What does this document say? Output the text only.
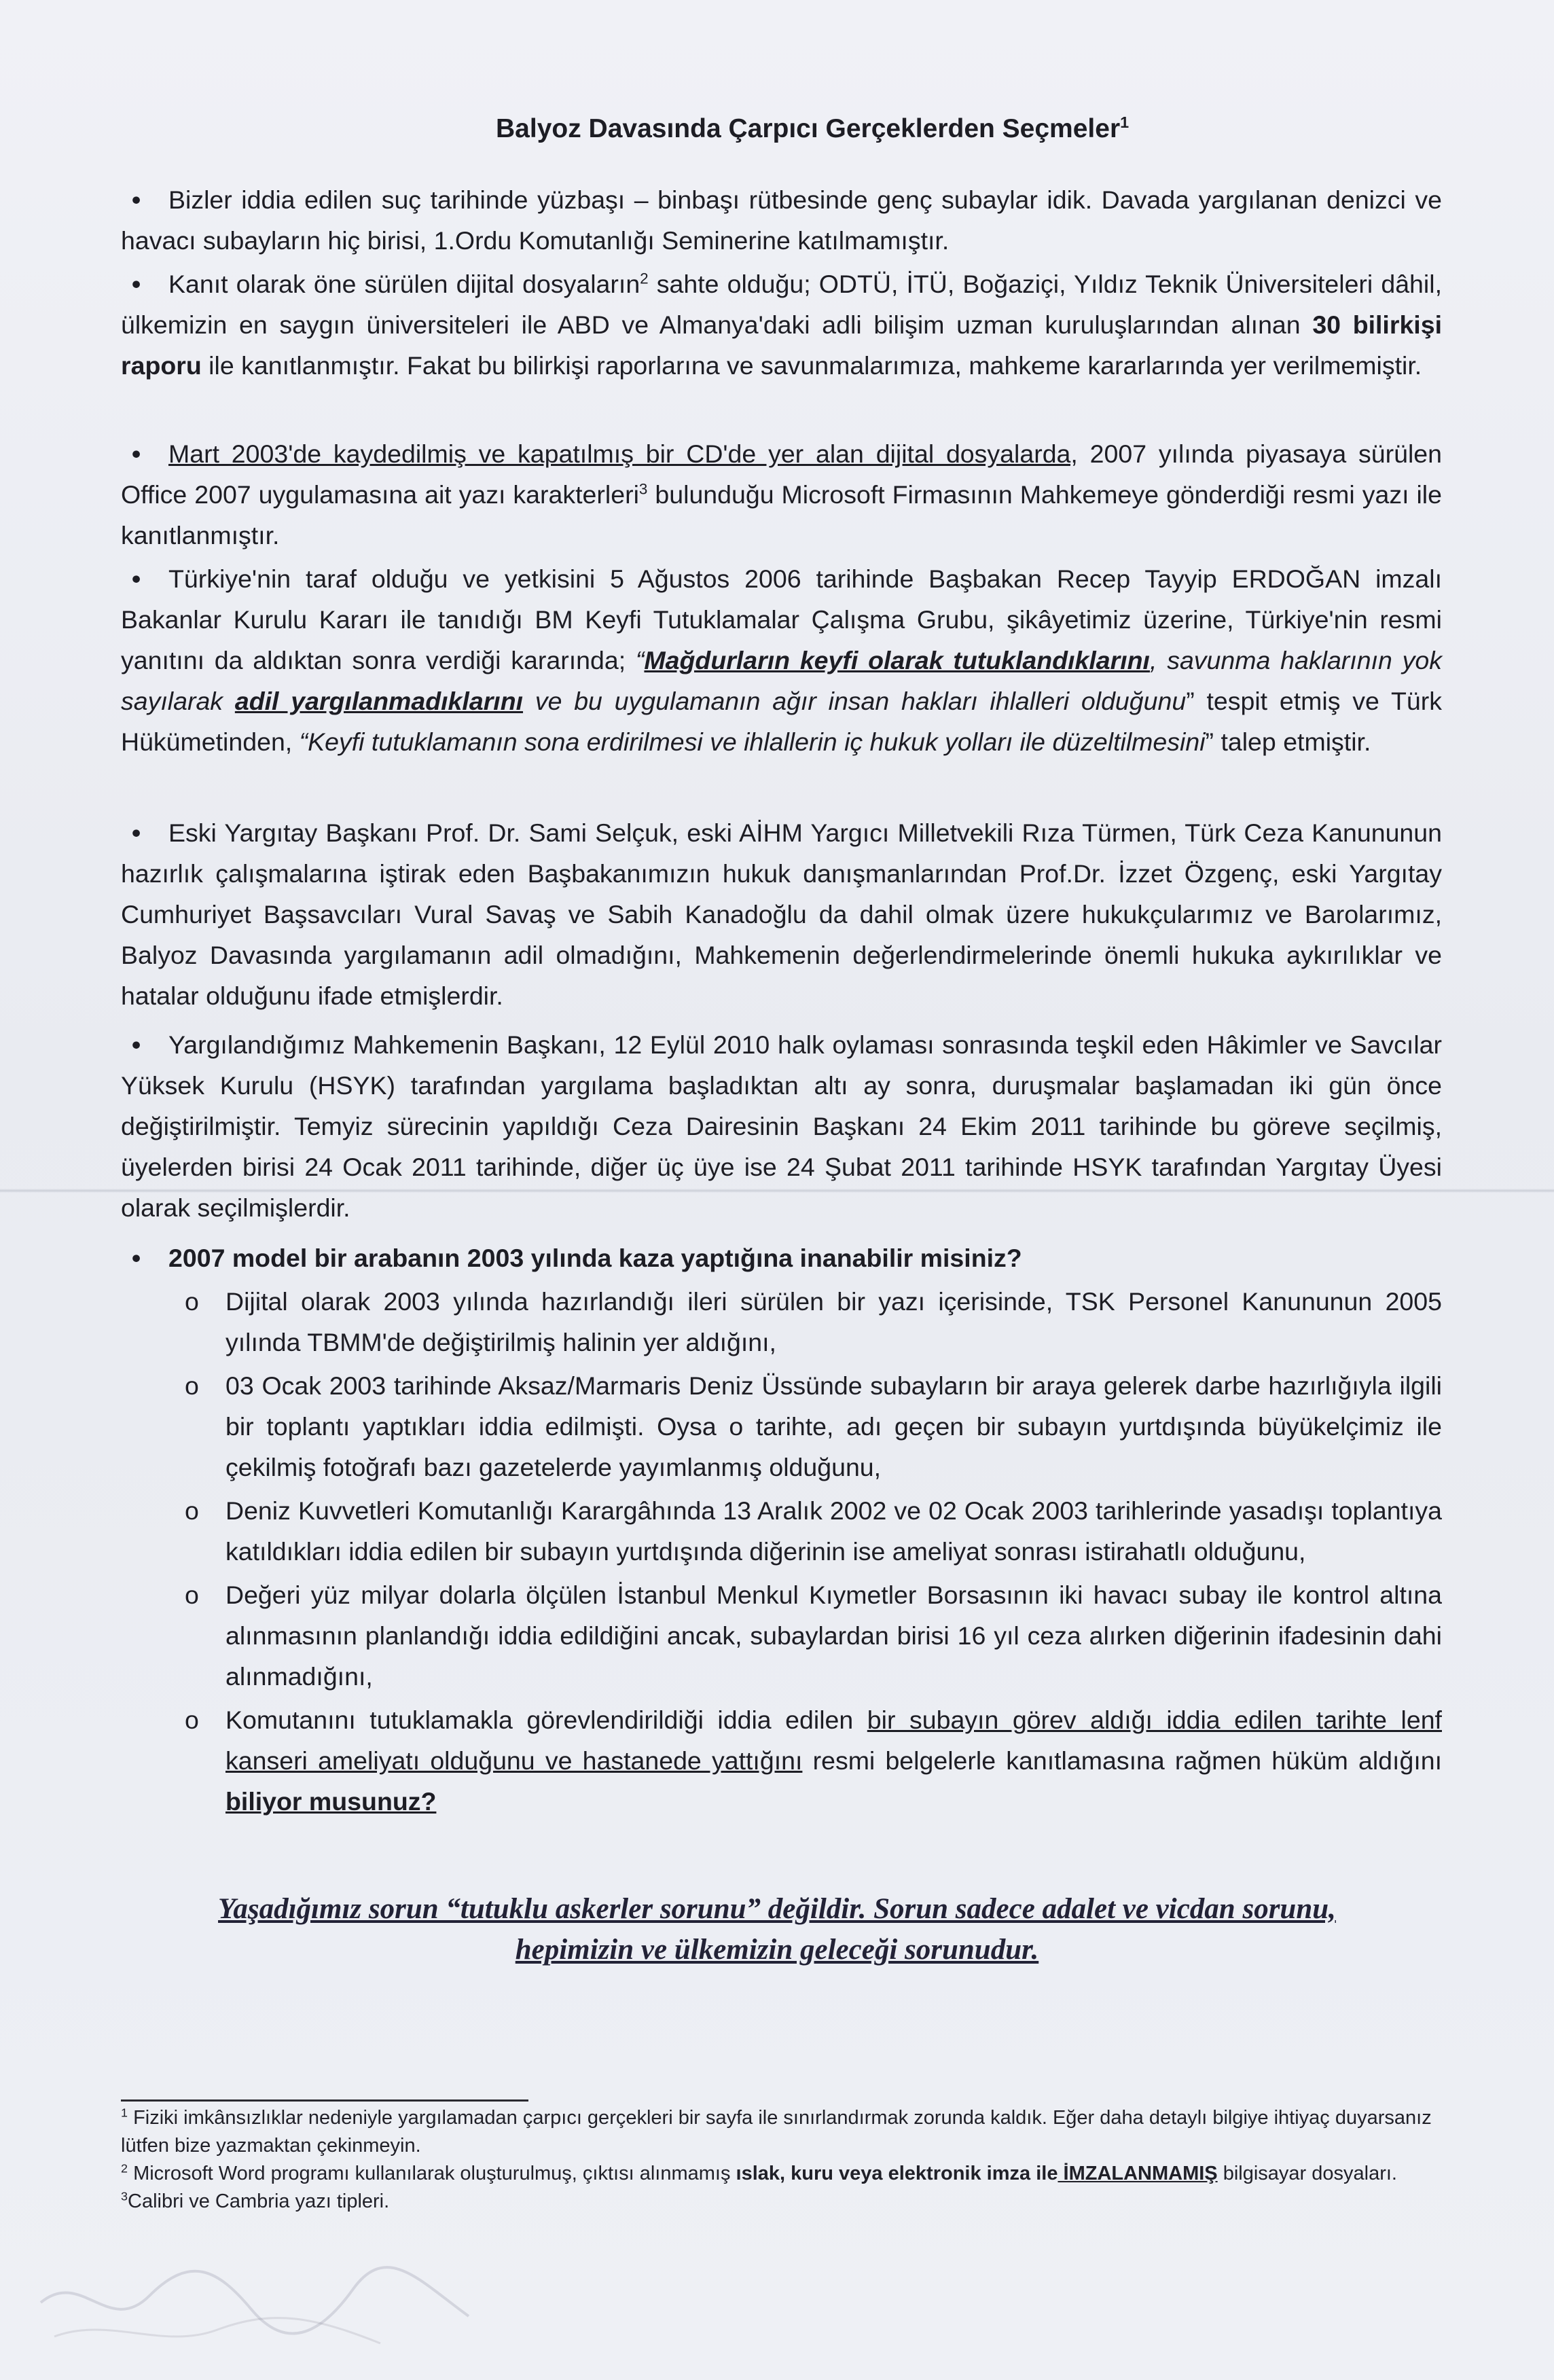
Balyoz Davasında Çarpıcı Gerçeklerden Seçmeler$^1$

• Bizler iddia edilen suç tarihinde yüzbaşı – binbaşı rütbesinde genç subaylar idik. Davada yargılanan denizci ve havacı subayların hiç birisi, 1.Ordu Komutanlığı Seminerine katılmamıştır.

• Kanıt olarak öne sürülen dijital dosyaların$^2$ sahte olduğu; ODTÜ, İTÜ, Boğaziçi, Yıldız Teknik Üniversiteleri dâhil, ülkemizin en saygın üniversiteleri ile ABD ve Almanya'daki adli bilişim uzman kuruluşlarından alınan 30 bilirkişi raporu ile kanıtlanmıştır. Fakat bu bilirkişi raporlarına ve savunmalarımıza, mahkeme kararlarında yer verilmemiştir.

• Mart 2003'de kaydedilmiş ve kapatılmış bir CD'de yer alan dijital dosyalarda, 2007 yılında piyasaya sürülen Office 2007 uygulamasına ait yazı karakterleri$^3$ bulunduğu Microsoft Firmasının Mahkemeye gönderdiği resmi yazı ile kanıtlanmıştır.

• Türkiye'nin taraf olduğu ve yetkisini 5 Ağustos 2006 tarihinde Başbakan Recep Tayyip ERDOĞAN imzalı Bakanlar Kurulu Kararı ile tanıdığı BM Keyfi Tutuklamalar Çalışma Grubu, şikâyetimiz üzerine, Türkiye'nin resmi yanıtını da aldıktan sonra verdiği kararında; “Mağdurların keyfi olarak tutuklandıklarını, savunma haklarının yok sayılarak adil yargılanmadıklarını ve bu uygulamanın ağır insan hakları ihlalleri olduğunu” tespit etmiş ve Türk Hükümetinden, “Keyfi tutuklamanın sona erdirilmesi ve ihlallerin iç hukuk yolları ile düzeltilmesini” talep etmiştir.

• Eski Yargıtay Başkanı Prof. Dr. Sami Selçuk, eski AİHM Yargıcı Milletvekili Rıza Türmen, Türk Ceza Kanununun hazırlık çalışmalarına iştirak eden Başbakanımızın hukuk danışmanlarından Prof.Dr. İzzet Özgenç, eski Yargıtay Cumhuriyet Başsavcıları Vural Savaş ve Sabih Kanadoğlu da dahil olmak üzere hukukçularımız ve Barolarımız, Balyoz Davasında yargılamanın adil olmadığını, Mahkemenin değerlendirmelerinde önemli hukuka aykırılıklar ve hatalar olduğunu ifade etmişlerdir.

• Yargılandığımız Mahkemenin Başkanı, 12 Eylül 2010 halk oylaması sonrasında teşkil eden Hâkimler ve Savcılar Yüksek Kurulu (HSYK) tarafından yargılama başladıktan altı ay sonra, duruşmalar başlamadan iki gün önce değiştirilmiştir. Temyiz sürecinin yapıldığı Ceza Dairesinin Başkanı 24 Ekim 2011 tarihinde bu göreve seçilmiş, üyelerden birisi 24 Ocak 2011 tarihinde, diğer üç üye ise 24 Şubat 2011 tarihinde HSYK tarafından Yargıtay Üyesi olarak seçilmişlerdir.

• 2007 model bir arabanın 2003 yılında kaza yaptığına inanabilir misiniz?

o Dijital olarak 2003 yılında hazırlandığı ileri sürülen bir yazı içerisinde, TSK Personel Kanununun 2005 yılında TBMM'de değiştirilmiş halinin yer aldığını,

o 03 Ocak 2003 tarihinde Aksaz/Marmaris Deniz Üssünde subayların bir araya gelerek darbe hazırlığıyla ilgili bir toplantı yaptıkları iddia edilmişti. Oysa o tarihte, adı geçen bir subayın yurtdışında büyükelçimiz ile çekilmiş fotoğrafı bazı gazetelerde yayımlanmış olduğunu,

o Deniz Kuvvetleri Komutanlığı Karargâhında 13 Aralık 2002 ve 02 Ocak 2003 tarihlerinde yasadışı toplantıya katıldıkları iddia edilen bir subayın yurtdışında diğerinin ise ameliyat sonrası istirahatlı olduğunu,

o Değeri yüz milyar dolarla ölçülen İstanbul Menkul Kıymetler Borsasının iki havacı subay ile kontrol altına alınmasının planlandığı iddia edildiğini ancak, subaylardan birisi 16 yıl ceza alırken diğerinin ifadesinin dahi alınmadığını,

o Komutanını tutuklamakla görevlendirildiği iddia edilen bir subayın görev aldığı iddia edilen tarihte lenf kanseri ameliyatı olduğunu ve hastanede yattığını resmi belgelerle kanıtlamasına rağmen hüküm aldığını biliyor musunuz?

Yaşadığımız sorun “tutuklu askerler sorunu” değildir. Sorun sadece adalet ve vicdan sorunu,
hepimizin ve ülkemizin geleceği sorunudur.

$^1$ Fiziki imkânsızlıklar nedeniyle yargılamadan çarpıcı gerçekleri bir sayfa ile sınırlandırmak zorunda kaldık. Eğer daha detaylı bilgiye ihtiyaç duyarsanız lütfen bize yazmaktan çekinmeyin.

$^2$ Microsoft Word programı kullanılarak oluşturulmuş, çıktısı alınmamış ıslak, kuru veya elektronik imza ile İMZALANMAMIŞ bilgisayar dosyaları.

$^3$Calibri ve Cambria yazı tipleri.
